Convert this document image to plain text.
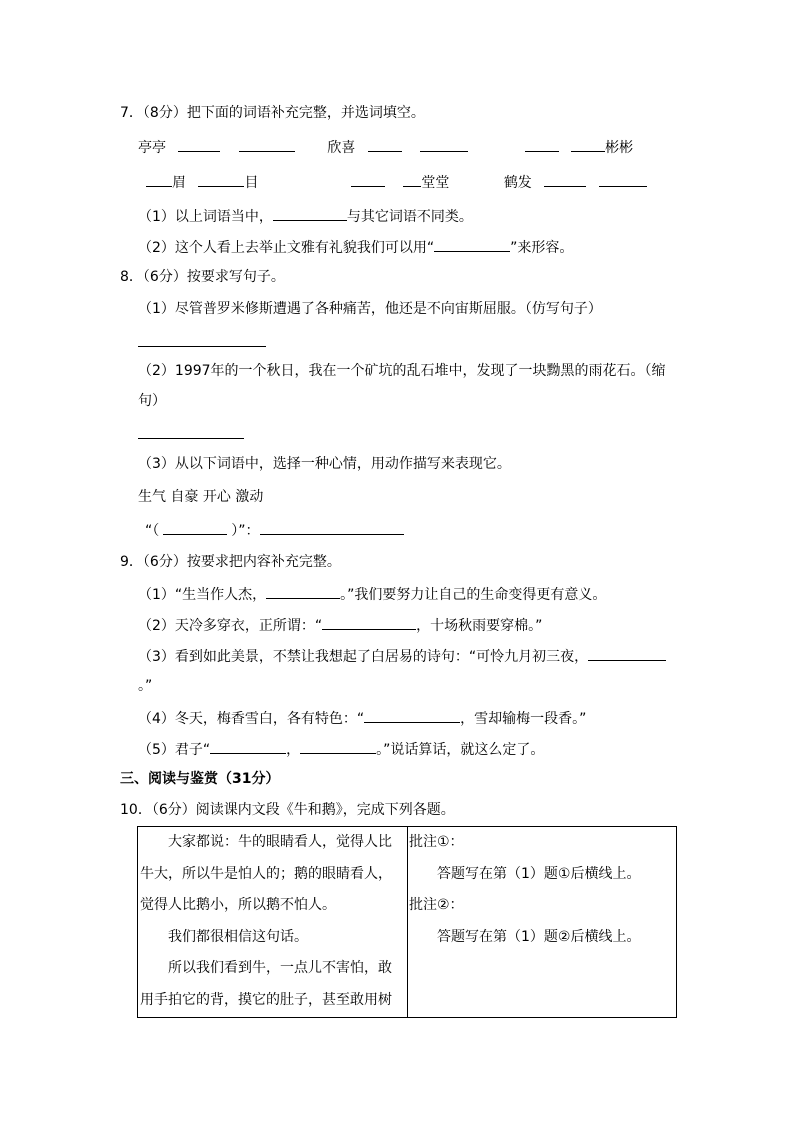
7．（8分）把下面的词语补充完整，并选词填空。
亭亭	欣喜	彬彬
眉	目	堂堂	鹤发
（1）以上词语当中，	与其它词语不同类。
（2）这个人看上去举止文雅有礼貌我们可以用“	”来形容。
8．（6分）按要求写句子。
（1）尽管普罗米修斯遭遇了各种痛苦，他还是不向宙斯屈服。（仿写句子）
（2）1997年的一个秋日，我在一个矿坑的乱石堆中，发现了一块黝黑的雨花石。（缩
句）
（3）从以下词语中，选择一种心情，用动作描写来表现它。
生气 自豪 开心 激动
“（	）”：
9．（6分）按要求把内容补充完整。
（1）“生当作人杰，	。”我们要努力让自己的生命变得更有意义。
（2）天冷多穿衣，正所谓：“	，十场秋雨要穿棉。”
（3）看到如此美景，不禁让我想起了白居易的诗句：“可怜九月初三夜，
。”
（4）冬天，梅香雪白，各有特色：“	，雪却输梅一段香。”
（5）君子“	，	。”说话算话，就这么定了。
三、阅读与鉴赏（31分）
10．（6分）阅读课内文段《牛和鹅》，完成下列各题。
　　大家都说：牛的眼睛看人，觉得人比
牛大，所以牛是怕人的；鹅的眼睛看人，
觉得人比鹅小，所以鹅不怕人。
　　我们都很相信这句话。
　　所以我们看到牛，一点儿不害怕，敢
用手拍它的背，摸它的肚子，甚至敢用树

批注①：
　　答题写在第（1）题①后横线上。
批注②：
　　答题写在第（1）题②后横线上。
